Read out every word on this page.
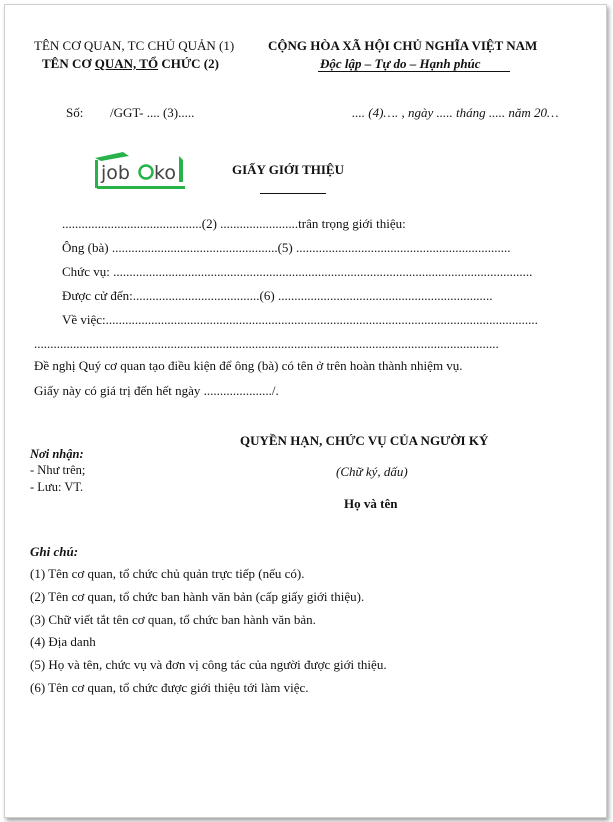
TÊN CƠ QUAN, TC CHỦ QUẢN (1)
TÊN CƠ QUAN, TỔ CHỨC (2)
CỘNG HÒA XÃ HỘI CHỦ NGHĨA VIỆT NAM
Độc lập – Tự do – Hạnh phúc
Số: /GGT- .... (3).....	.... (4)…. , ngày ..... tháng ..... năm 20…
job ko	GIẤY GIỚI THIỆU
...........................................(2) ........................trân trọng giới thiệu:
Ông (bà) ...................................................(5) ..................................................................
Chức vụ: .................................................................................................................................
Được cử đến:.......................................(6) ..................................................................
Về việc:.....................................................................................................................................
...............................................................................................................................................
Đề nghị Quý cơ quan tạo điều kiện để ông (bà) có tên ở trên hoàn thành nhiệm vụ.
Giấy này có giá trị đến hết ngày ...................../.
Nơi nhận:
- Như trên;
- Lưu: VT.
QUYỀN HẠN, CHỨC VỤ CỦA NGƯỜI KÝ
(Chữ ký, dấu)
Họ và tên
Ghi chú:
(1) Tên cơ quan, tổ chức chủ quản trực tiếp (nếu có).
(2) Tên cơ quan, tổ chức ban hành văn bản (cấp giấy giới thiệu).
(3) Chữ viết tắt tên cơ quan, tổ chức ban hành văn bản.
(4) Địa danh
(5) Họ và tên, chức vụ và đơn vị công tác của người được giới thiệu.
(6) Tên cơ quan, tổ chức được giới thiệu tới làm việc.
